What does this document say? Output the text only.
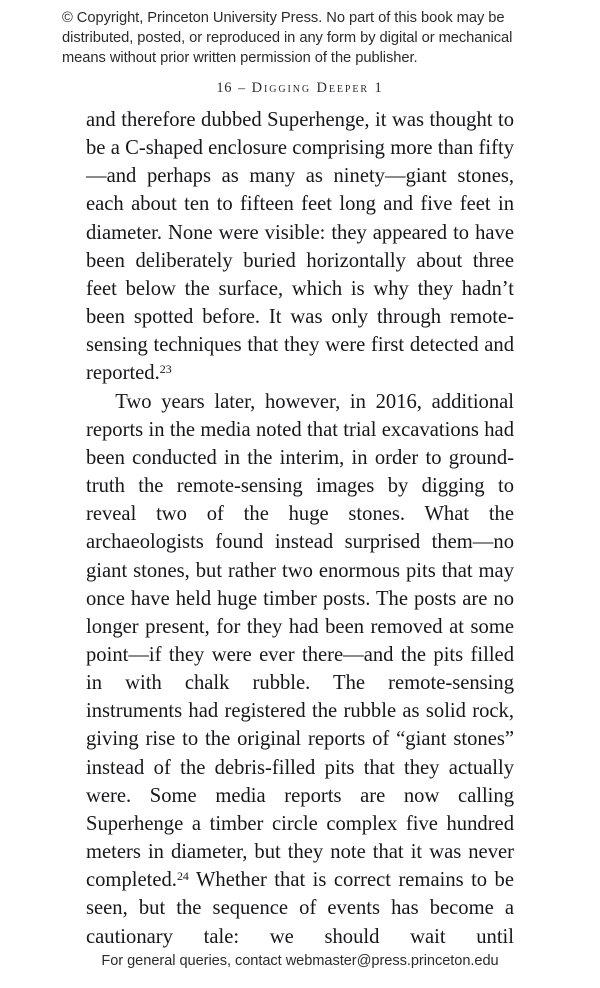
© Copyright, Princeton University Press. No part of this book may be
distributed, posted, or reproduced in any form by digital or mechanical
means without prior written permission of the publisher.
16 – Digging Deeper 1

and therefore dubbed Superhenge, it was thought to be a C-shaped enclosure comprising more than fifty—and perhaps as many as ninety—giant stones, each about ten to fifteen feet long and five feet in diameter. None were visible: they appeared to have been deliberately buried horizontally about three feet below the surface, which is why they hadn’t been spotted before. It was only through remote-sensing techniques that they were first detected and reported.$^{23}$

Two years later, however, in 2016, additional reports in the media noted that trial excavations had been conducted in the interim, in order to ground-truth the remote-sensing images by digging to reveal two of the huge stones. What the archaeologists found instead surprised them—no giant stones, but rather two enormous pits that may once have held huge timber posts. The posts are no longer present, for they had been removed at some point—if they were ever there—and the pits filled in with chalk rubble. The remote-sensing instruments had registered the rubble as solid rock, giving rise to the original reports of “giant stones” instead of the debris-filled pits that they actually were. Some media reports are now calling Superhenge a timber circle complex five hundred meters in diameter, but they note that it was never completed.$^{24}$ Whether that is correct remains to be seen, but the sequence of events has become a cautionary tale: we should wait until

For general queries, contact webmaster@press.princeton.edu
